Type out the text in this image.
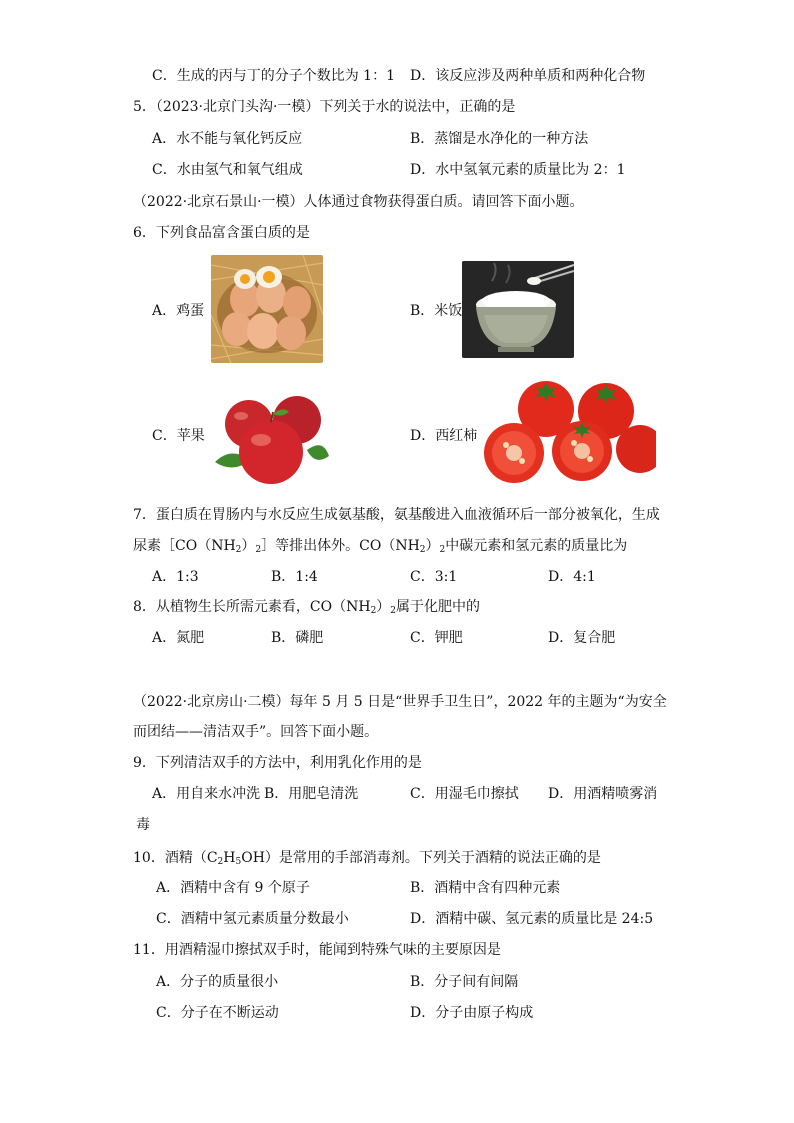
C．生成的丙与丁的分子个数比为 1：1 D．该反应涉及两种单质和两种化合物
5．（2023·北京门头沟·一模）下列关于水的说法中，正确的是
A．水不能与氧化钙反应	B．蒸馏是水净化的一种方法
C．水由氢气和氧气组成	D．水中氢氧元素的质量比为 2：1
（2022·北京石景山·一模）人体通过食物获得蛋白质。请回答下面小题。
6．下列食品富含蛋白质的是
A．鸡蛋	B．米饭
C．苹果	D．西红柿
7．蛋白质在胃肠内与水反应生成氨基酸，氨基酸进入血液循环后一部分被氧化，生成
尿素$[CO(NH_2)_2]$等排出体外。$CO(NH_2)_2$中碳元素和氢元素的质量比为
A．1:3	B．1:4	C．3:1	D．4:1
8．从植物生长所需元素看，$CO(NH_2)_2$属于化肥中的
A．氮肥	B．磷肥	C．钾肥	D．复合肥
（2022·北京房山·二模）每年 5 月 5 日是“世界手卫生日”，2022 年的主题为“为安全
而团结——清洁双手”。回答下面小题。
9．下列清洁双手的方法中，利用乳化作用的是
A．用自来水冲洗 B．用肥皂清洗	C．用湿毛巾擦拭 D．用酒精喷雾消
毒
10．酒精$(C_2H_5OH)$是常用的手部消毒剂。下列关于酒精的说法正确的是
A．酒精中含有 9 个原子	B．酒精中含有四种元素
C．酒精中氢元素质量分数最小	D．酒精中碳、氢元素的质量比是 24:5
11．用酒精湿巾擦拭双手时，能闻到特殊气味的主要原因是
A．分子的质量很小	B．分子间有间隔
C．分子在不断运动	D．分子由原子构成
